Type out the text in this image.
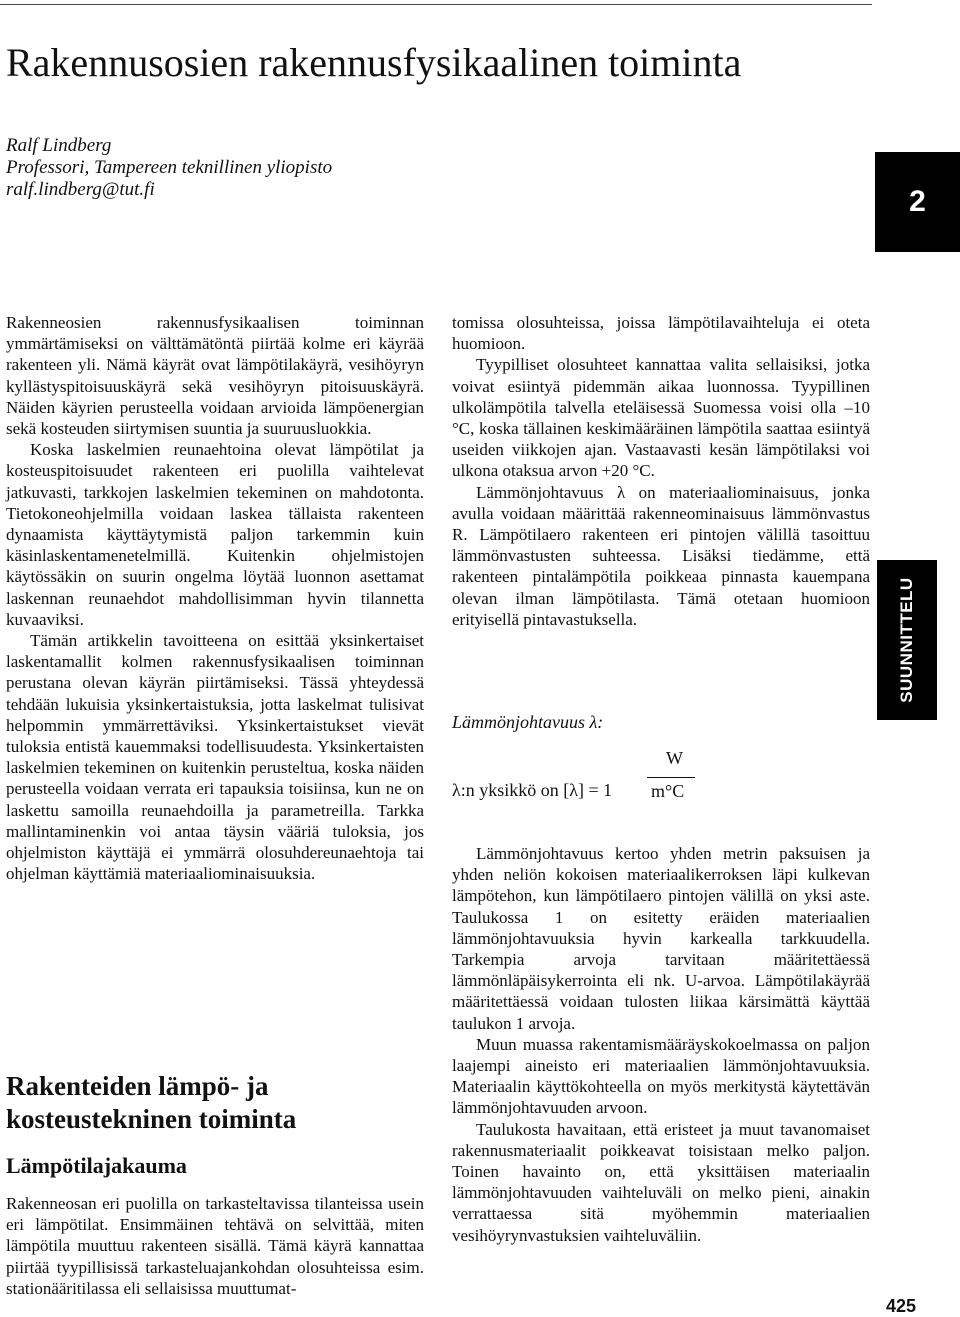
Rakennusosien rakennusfysikaalinen toiminta
Ralf Lindberg
Professori, Tampereen teknillinen yliopisto
ralf.lindberg@tut.fi	2
SUUNNITTELU

Rakenneosien rakennusfysikaalisen toiminnan ymmärtämiseksi on välttämätöntä piirtää kolme eri käyrää rakenteen yli. Nämä käyrät ovat lämpötilakäyrä, vesihöyryn kyllästyspitoisuuskäyrä sekä vesihöyryn pitoisuuskäyrä. Näiden käyrien perusteella voidaan arvioida lämpöenergian sekä kosteuden siirtymisen suuntia ja suuruusluokkia.

Koska laskelmien reunaehtoina olevat lämpötilat ja kosteuspitoisuudet rakenteen eri puolilla vaihtelevat jatkuvasti, tarkkojen laskelmien tekeminen on mahdotonta. Tietokoneohjelmilla voidaan laskea tällaista rakenteen dynaamista käyttäytymistä paljon tarkemmin kuin käsinlaskentamenetelmillä. Kuitenkin ohjelmistojen käytössäkin on suurin ongelma löytää luonnon asettamat laskennan reunaehdot mahdollisimman hyvin tilannetta kuvaaviksi.

Tämän artikkelin tavoitteena on esittää yksinkertaiset laskentamallit kolmen rakennusfysikaalisen toiminnan perustana olevan käyrän piirtämiseksi. Tässä yhteydessä tehdään lukuisia yksinkertaistuksia, jotta laskelmat tulisivat helpommin ymmärrettäviksi. Yksinkertaistukset vievät tuloksia entistä kauemmaksi todellisuudesta. Yksinkertaisten laskelmien tekeminen on kuitenkin perusteltua, koska näiden perusteella voidaan verrata eri tapauksia toisiinsa, kun ne on laskettu samoilla reunaehdoilla ja parametreilla. Tarkka mallintaminenkin voi antaa täysin vääriä tuloksia, jos ohjelmiston käyttäjä ei ymmärrä olosuhdereunaehtoja tai ohjelman käyttämiä materiaaliominaisuuksia.

Rakenteiden lämpö- ja kosteustekninen toiminta
Lämpötilajakauma

Rakenneosan eri puolilla on tarkasteltavissa tilanteissa usein eri lämpötilat. Ensimmäinen tehtävä on selvittää, miten lämpötila muuttuu rakenteen sisällä. Tämä käyrä kannattaa piirtää tyypillisissä tarkasteluajankohdan olosuhteissa esim. stationääritilassa eli sellaisissa muuttumat-

tomissa olosuhteissa, joissa lämpötilavaihteluja ei oteta huomioon.

Tyypilliset olosuhteet kannattaa valita sellaisiksi, jotka voivat esiintyä pidemmän aikaa luonnossa. Tyypillinen ulkolämpötila talvella eteläisessä Suomessa voisi olla –10 °C, koska tällainen keskimääräinen lämpötila saattaa esiintyä useiden viikkojen ajan. Vastaavasti kesän lämpötilaksi voi ulkona otaksua arvon +20 °C.

Lämmönjohtavuus λ on materiaaliominaisuus, jonka avulla voidaan määrittää rakenneominaisuus lämmönvastus R. Lämpötilaero rakenteen eri pintojen välillä tasoittuu lämmönvastusten suhteessa. Lisäksi tiedämme, että rakenteen pintalämpötila poikkeaa pinnasta kauempana olevan ilman lämpötilasta. Tämä otetaan huomioon erityisellä pintavastuksella.

Lämmönjohtavuus λ:
λ:n yksikkö on [λ] = 1
W
m°C

Lämmönjohtavuus kertoo yhden metrin paksuisen ja yhden neliön kokoisen materiaalikerroksen läpi kulkevan lämpötehon, kun lämpötilaero pintojen välillä on yksi aste. Taulukossa 1 on esitetty eräiden materiaalien lämmönjohtavuuksia hyvin karkealla tarkkuudella. Tarkempia arvoja tarvitaan määritettäessä lämmönläpäisykerrointa eli nk. U-arvoa. Lämpötilakäyrää määritettäessä voidaan tulosten liikaa kärsimättä käyttää taulukon 1 arvoja.

Muun muassa rakentamismääräyskokoelmassa on paljon laajempi aineisto eri materiaalien lämmönjohtavuuksia. Materiaalin käyttökohteella on myös merkitystä käytettävän lämmönjohtavuuden arvoon.

Taulukosta havaitaan, että eristeet ja muut tavanomaiset rakennusmateriaalit poikkeavat toisistaan melko paljon. Toinen havainto on, että yksittäisen materiaalin lämmönjohtavuuden vaihteluväli on melko pieni, ainakin verrattaessa sitä myöhemmin materiaalien vesihöyrynvastuksien vaihteluväliin.

425
